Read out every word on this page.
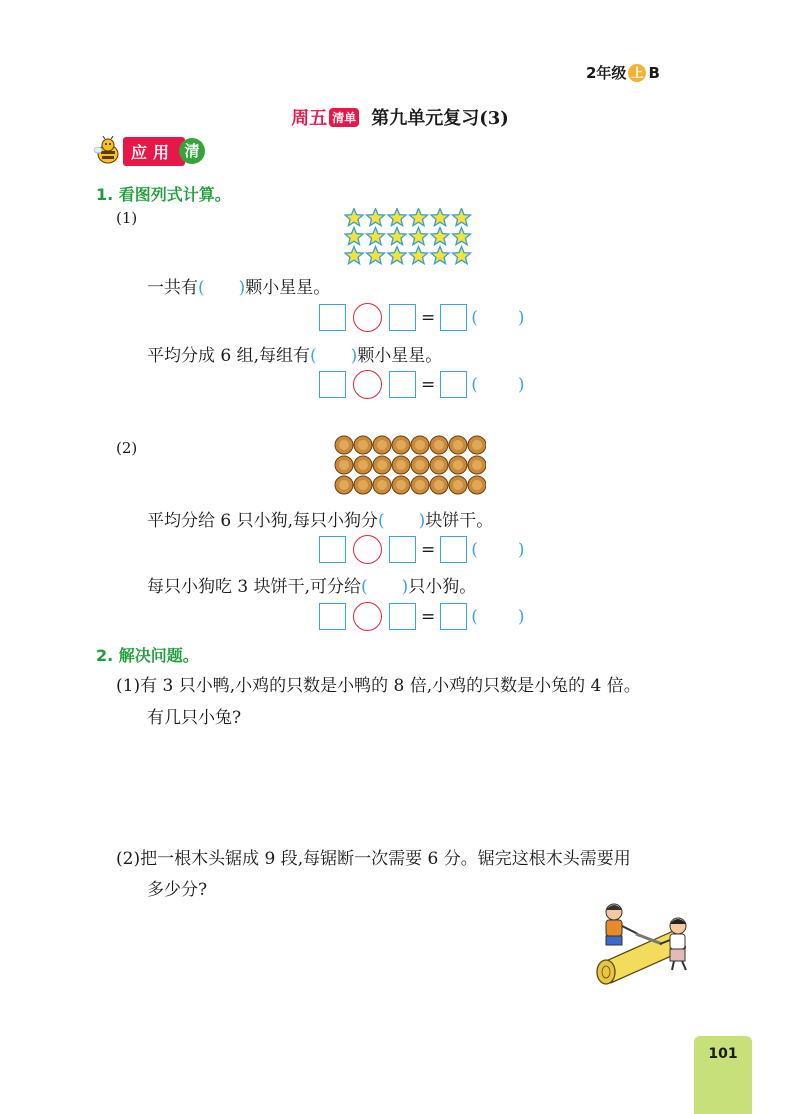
2年级 上 B
周五 清单 第九单元复习(3)
应用 清
1. 看图列式计算。
(1)
一共有( )颗小星星。
= ( )
平均分成 6 组,每组有( )颗小星星。
= ( )
(2)
平均分给 6 只小狗,每只小狗分( )块饼干。
= ( )
每只小狗吃 3 块饼干,可分给( )只小狗。
= ( )
2. 解决问题。
(1)有 3 只小鸭,小鸡的只数是小鸭的 8 倍,小鸡的只数是小兔的 4 倍。
有几只小兔?
(2)把一根木头锯成 9 段,每锯断一次需要 6 分。锯完这根木头需要用
多少分?
101
